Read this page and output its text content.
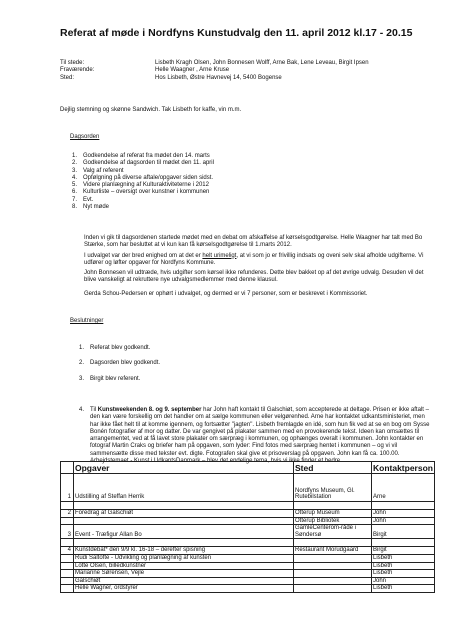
Referat af møde i Nordfyns Kunstudvalg den 11. april 2012 kl.17 - 20.15
Til stede:	Lisbeth Kragh Olsen, John Bonnesen Wolff, Arne Bak, Lene Leveau, Birgit Ipsen
Fraværende:	Helle Waagner , Arne Kruse
Sted:	Hos Lisbeth, Østre Havnevej 14, 5400 Bogense
Dejlig stemning og skønne Sandwich. Tak Lisbeth for kaffe, vin m.m.
Dagsorden
1.	Godkendelse af referat fra mødet den 14. marts
2.	Godkendelse af dagsorden til mødet den 11. april
3.	Valg af referent
4.	Opfølgning på diverse aftale/opgaver siden sidst.
5.	Videre planlægning af Kulturaktiviteterne i 2012
6.	Kulturliste – oversigt over kunstner i kommunen
7.	Evt.
8.	Nyt møde

Inden vi gik til dagsordenen startede mødet med en debat om afskaffelse af kørselsgodtgørelse. Helle Waagner har talt med Bo Stærke, som har besluttet at vi kun kan få kørselsgodtgørelse til 1.marts 2012.

I udvalget var der bred enighed om at det er helt urimeligt, at vi som jo er frivillig indsats og oveni selv skal afholde udgifterne. Vi udfører og løfter opgaver for Nordfyns Kommune.

John Bonnesen vil udtræde, hvis udgifter som kørsel ikke refunderes. Dette blev bakket op af det øvrige udvalg. Desuden vil det blive vanskeligt at rekruttere nye udvalgsmedlemmer med denne klausul.

Gerda Schou-Pedersen er ophørt i udvalget, og dermed er vi 7 personer, som er beskrevet i Kommissoriet.

Beslutninger
1.	Referat blev godkendt.
2.	Dagsorden blev godkendt.
3.	Birgit blev referent.
4.	Til Kunstweekenden 8. og 9. september har John haft kontakt til Galschiøt, som accepterede at deltage. Prisen er ikke aftalt – den kan være forskellig om det handler om at sælge kommunen eller velgørenhed. Arne har kontaktet udkantsministeriet, men har ikke fået helt til at komme igennem, og fortsætter "jagten". Lisbeth fremlagde en idé, som hun fik ved at se en bog om Sysse Bonén fotografier af mor og datter. De var gengivet på plakater sammen med en provokerende tekst. Ideen kan omsættes til arrangementet, ved at få lavet store plakater om særpræg i kommunen, og ophænges overalt i kommunen. John kontakter en fotograf Martin Craks og briefer ham på opgaven, som lyder: Find fotos med særpræg hentet i kommunen – og vi vil sammensætte disse med tekster evt. digte. Fotografen skal give et prisoverslag på opgaven. John kan få ca. 100.00. Arbejdstemaet - Kunst i UdkantsDanmark – blev det endelige tema, hvis vi ikke finder et bedre.
	Opgaver	Sted	Kontaktperson
1	Udstilling af Steffan Herrik	Nordfyns Museum, Gl. Rutebilstation	Arne

2	Foredrag af Galschiøt	Otterup Museum	John
		Otterup Bibliotek	John
3	Event - Træfigur Allan Bo	GamleCenterom-råde i Søndersø	Birgit

4	Kunstdebat* den 9/9 kl. 16-18 – derefter spisning	Restaurant Morudgaard	Birgit
	Rudi Saltofte - Udvikling og planlægning af kunsten		Lisbeth
	Lotte Olsen, billedkunstner		Lisbeth
	Marianne Sørensen, Vejle		Lisbeth
	Galschiøt		John
	Helle Wagner, ordstyrer		Lisbeth
